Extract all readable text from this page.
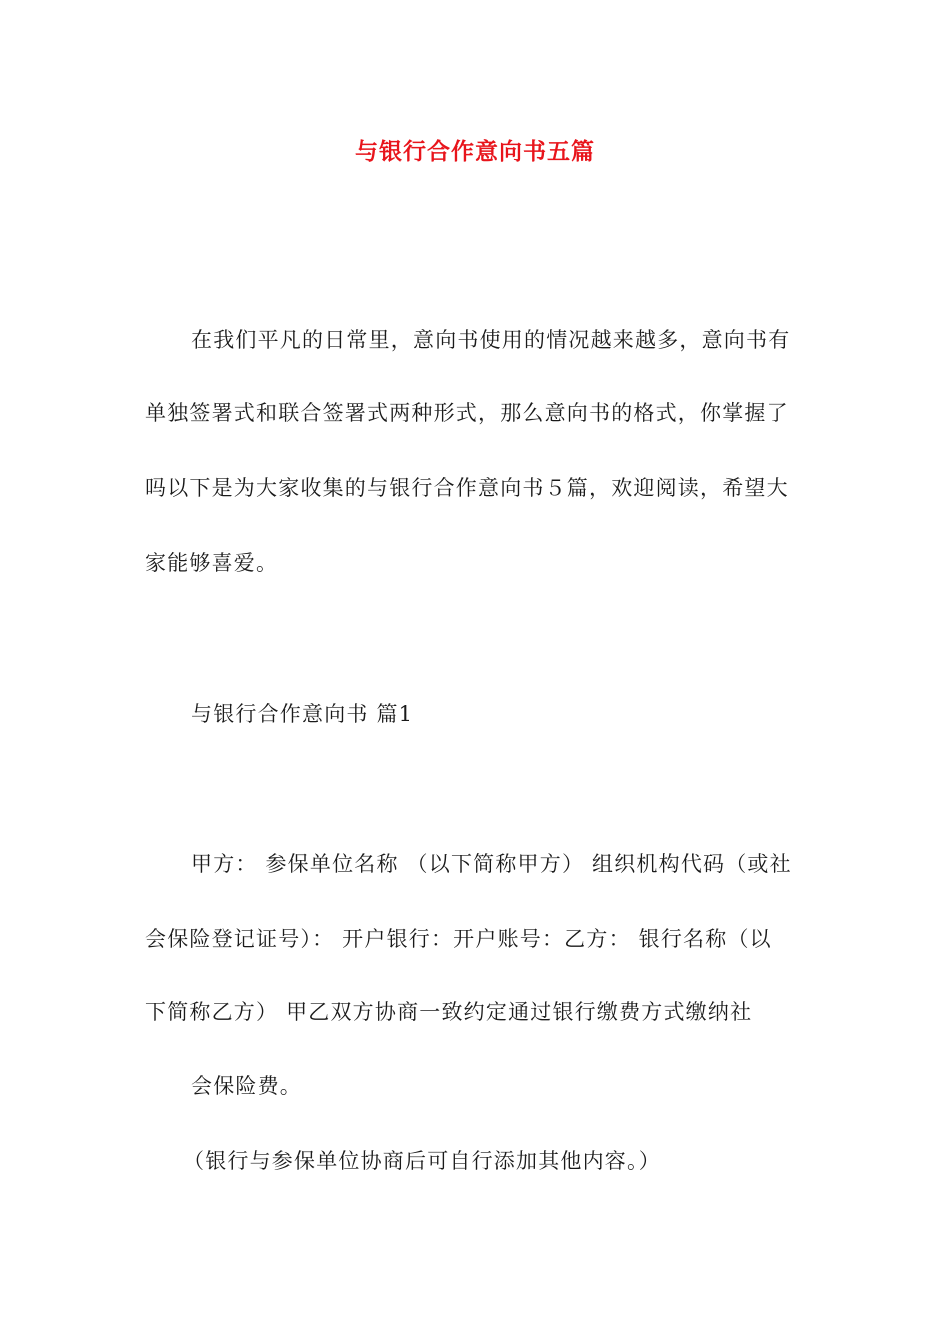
与银行合作意向书五篇
在我们平凡的日常里，意向书使用的情况越来越多，意向书有
单独签署式和联合签署式两种形式，那么意向书的格式，你掌握了
吗以下是为大家收集的与银行合作意向书５篇，欢迎阅读，希望大
家能够喜爱。
与银行合作意向书 篇1
甲方： 参保单位名称 （以下简称甲方） 组织机构代码（或社
会保险登记证号）： 开户银行：开户账号：乙方： 银行名称（以
下简称乙方） 甲乙双方协商一致约定通过银行缴费方式缴纳社
会保险费。
（银行与参保单位协商后可自行添加其他内容。）
